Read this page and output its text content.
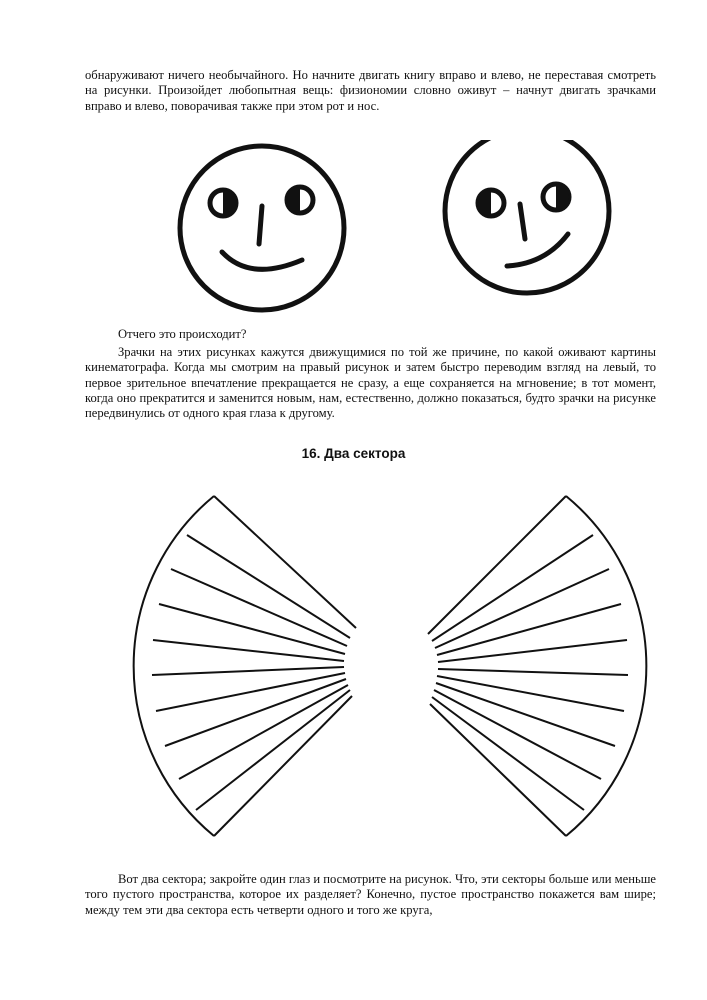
обнаруживают ничего необычайного. Но начните двигать книгу вправо и влево, не переставая смотреть на рисунки. Произойдет любопытная вещь: физиономии словно оживут – начнут двигать зрачками вправо и влево, поворачивая также при этом рот и нос.

Отчего это происходит?

Зрачки на этих рисунках кажутся движущимися по той же причине, по какой оживают картины кинематографа. Когда мы смотрим на правый рисунок и затем быстро переводим взгляд на левый, то первое зрительное впечатление прекращается не сразу, а еще сохраняется на мгновение; в тот момент, когда оно прекратится и заменится новым, нам, естественно, должно показаться, будто зрачки на рисунке передвинулись от одного края глаза к другому.

16. Два сектора

Вот два сектора; закройте один глаз и посмотрите на рисунок. Что, эти секторы больше или меньше того пустого пространства, которое их разделяет? Конечно, пустое пространство покажется вам шире; между тем эти два сектора есть четверти одного и того же круга,
